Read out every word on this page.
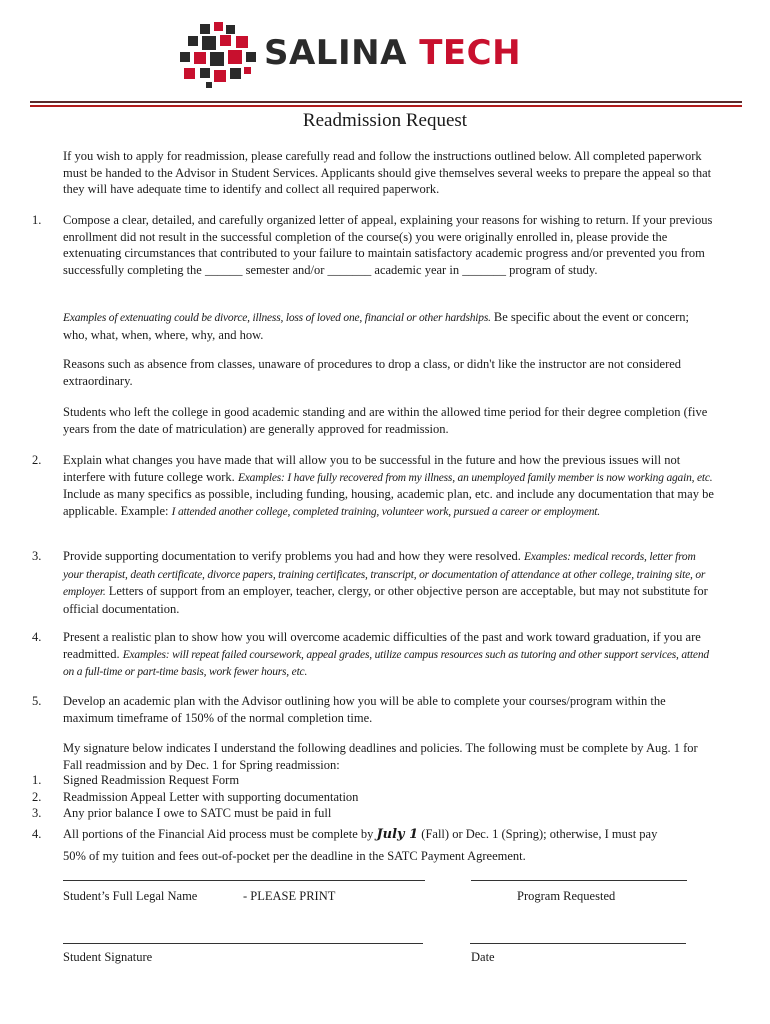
SALINA TECH
Readmission Request

If you wish to apply for readmission, please carefully read and follow the instructions outlined below. All completed paperwork must be handed to the Advisor in Student Services. Applicants should give themselves several weeks to prepare the appeal so that they will have adequate time to identify and collect all required paperwork.

1. Compose a clear, detailed, and carefully organized letter of appeal, explaining your reasons for wishing to return. If your previous enrollment did not result in the successful completion of the course(s) you were originally enrolled in, please provide the extenuating circumstances that contributed to your failure to maintain satisfactory academic progress and/or prevented you from successfully completing the ______ semester and/or _______ academic year in _______ program of study.

Examples of extenuating could be divorce, illness, loss of loved one, financial or other hardships. Be specific about the event or concern; who, what, when, where, why, and how.

Reasons such as absence from classes, unaware of procedures to drop a class, or didn't like the instructor are not considered extraordinary.

Students who left the college in good academic standing and are within the allowed time period for their degree completion (five years from the date of matriculation) are generally approved for readmission.

2. Explain what changes you have made that will allow you to be successful in the future and how the previous issues will not interfere with future college work. Examples: I have fully recovered from my illness, an unemployed family member is now working again, etc. Include as many specifics as possible, including funding, housing, academic plan, etc. and include any documentation that may be applicable. Example: I attended another college, completed training, volunteer work, pursued a career or employment.

3. Provide supporting documentation to verify problems you had and how they were resolved. Examples: medical records, letter from your therapist, death certificate, divorce papers, training certificates, transcript, or documentation of attendance at other college, training site, or employer. Letters of support from an employer, teacher, clergy, or other objective person are acceptable, but may not substitute for official documentation.

4. Present a realistic plan to show how you will overcome academic difficulties of the past and work toward graduation, if you are readmitted. Examples: will repeat failed coursework, appeal grades, utilize campus resources such as tutoring and other support services, attend on a full-time or part-time basis, work fewer hours, etc.

5. Develop an academic plan with the Advisor outlining how you will be able to complete your courses/program within the maximum timeframe of 150% of the normal completion time.

My signature below indicates I understand the following deadlines and policies. The following must be complete by Aug. 1 for Fall readmission and by Dec. 1 for Spring readmission:

1. Signed Readmission Request Form

2. Readmission Appeal Letter with supporting documentation

3. Any prior balance I owe to SATC must be paid in full

4. All portions of the Financial Aid process must be complete by July 1 (Fall) or Dec. 1 (Spring); otherwise, I must pay

50% of my tuition and fees out-of-pocket per the deadline in the SATC Payment Agreement.

Student’s Full Legal Name	- PLEASE PRINT	Program Requested
Student Signature	Date
